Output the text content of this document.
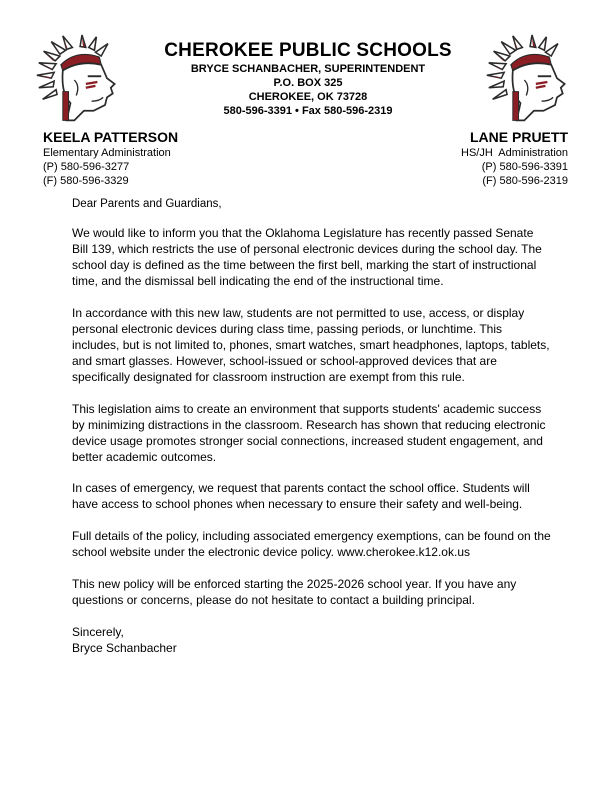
CHEROKEE PUBLIC SCHOOLS
BRYCE SCHANBACHER, SUPERINTENDENT
P.O. BOX 325
CHEROKEE, OK 73728
580-596-3391 • Fax 580-596-2319
KEELA PATTERSON
Elementary Administration
(P) 580-596-3277
(F) 580-596-3329
LANE PRUETT
HS/JH  Administration
(P) 580-596-3391
(F) 580-596-2319

Dear Parents and Guardians,

We would like to inform you that the Oklahoma Legislature has recently passed Senate Bill 139, which restricts the use of personal electronic devices during the school day. The school day is defined as the time between the first bell, marking the start of instructional time, and the dismissal bell indicating the end of the instructional time.

In accordance with this new law, students are not permitted to use, access, or display personal electronic devices during class time, passing periods, or lunchtime. This includes, but is not limited to, phones, smart watches, smart headphones, laptops, tablets, and smart glasses. However, school-issued or school-approved devices that are specifically designated for classroom instruction are exempt from this rule.

This legislation aims to create an environment that supports students' academic success by minimizing distractions in the classroom. Research has shown that reducing electronic device usage promotes stronger social connections, increased student engagement, and better academic outcomes.

In cases of emergency, we request that parents contact the school office. Students will have access to school phones when necessary to ensure their safety and well-being.

Full details of the policy, including associated emergency exemptions, can be found on the school website under the electronic device policy. www.cherokee.k12.ok.us

This new policy will be enforced starting the 2025-2026 school year. If you have any questions or concerns, please do not hesitate to contact a building principal.

Sincerely,

Bryce Schanbacher
